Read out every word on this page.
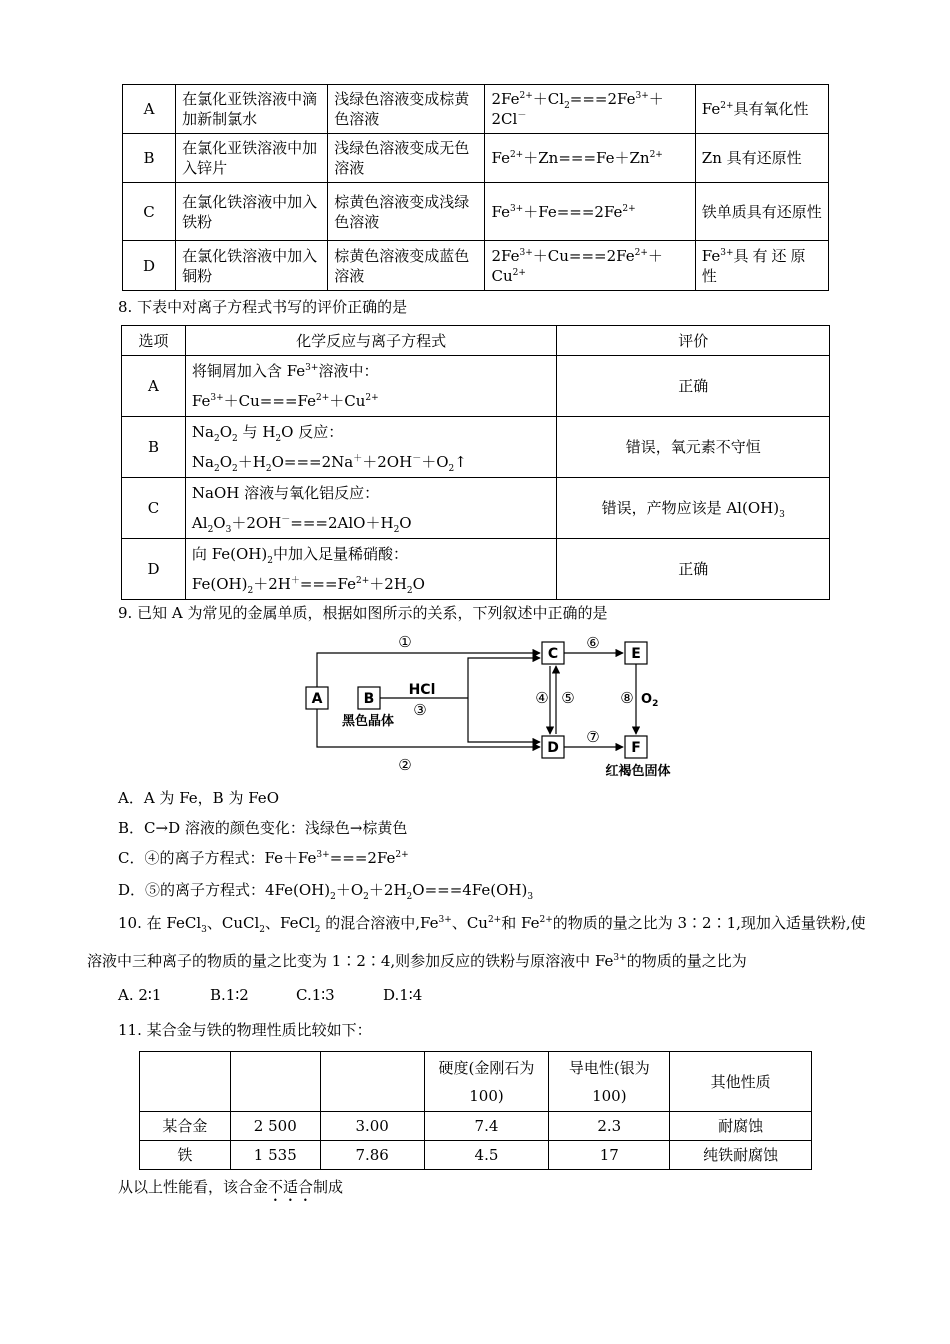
A	在氯化亚铁溶液中滴加新制氯水	浅绿色溶液变成棕黄色溶液	$2Fe^{2+}+Cl_2===2Fe^{3+}+2Cl^-$	$Fe^{2+}$具有氧化性
B	在氯化亚铁溶液中加入锌片	浅绿色溶液变成无色溶液	$Fe^{2+}+Zn===Fe+Zn^{2+}$	Zn 具有还原性
C	在氯化铁溶液中加入铁粉	棕黄色溶液变成浅绿色溶液	$Fe^{3+}+Fe===2Fe^{2+}$	铁单质具有还原性
D	在氯化铁溶液中加入铜粉	棕黄色溶液变成蓝色溶液	$2Fe^{3+}+Cu===2Fe^{2+}+Cu^{2+}$	$Fe^{3+}$具有还原性
8. 下表中对离子方程式书写的评价正确的是
选项	化学反应与离子方程式	评价
A	将铜屑加入含 $Fe^{3+}$溶液中：
$Fe^{3+}+Cu===Fe^{2+}+Cu^{2+}$	正确
B	$Na_2O_2$ 与 $H_2O$ 反应：
$Na_2O_2+H_2O===2Na^++2OH^-+O_2↑$	错误，氧元素不守恒
C	NaOH 溶液与氧化铝反应：
$Al_2O_3+2OH^-===2AlO+H_2O$	错误，产物应该是 $Al(OH)_3$
D	向 $Fe(OH)_2$中加入足量稀硝酸：
$Fe(OH)_2+2H^+===Fe^{2+}+2H_2O$	正确
9. 已知 A 为常见的金属单质，根据如图所示的关系，下列叙述中正确的是
A	B
C
D
E
F
HCl
黑色晶体
红褐色固体
①
②
③
④ ⑤
⑥
⑦
⑧ $O_2$
A．A 为 Fe，B 为 FeO
B．C→D 溶液的颜色变化：浅绿色→棕黄色
C．④的离子方程式：$Fe+Fe^{3+}===2Fe^{2+}$
D．⑤的离子方程式：$4Fe(OH)_2+O_2+2H_2O===4Fe(OH)_3$
10. 在 FeCl$_3$、CuCl$_2$、FeCl$_2$ 的混合溶液中$,Fe^{3+}$、$Cu^{2+}$和 $Fe^{2+}$的物质的量之比为 3∶2∶1,现加入适量铁粉,使
溶液中三种离子的物质的量之比变为 1∶2∶4,则参加反应的铁粉与原溶液中 $Fe^{3+}$的物质的量之比为
A. 2∶1	B.1∶2	C.1∶3	D.1∶4
11. 某合金与铁的物理性质比较如下：
			硬度(金刚石为 100)	导电性(银为 100)	其他性质
某合金	2 500	3.00	7.4	2.3	耐腐蚀
铁	1 535	7.86	4.5	17	纯铁耐腐蚀
从以上性能看，该合金不适合制成
